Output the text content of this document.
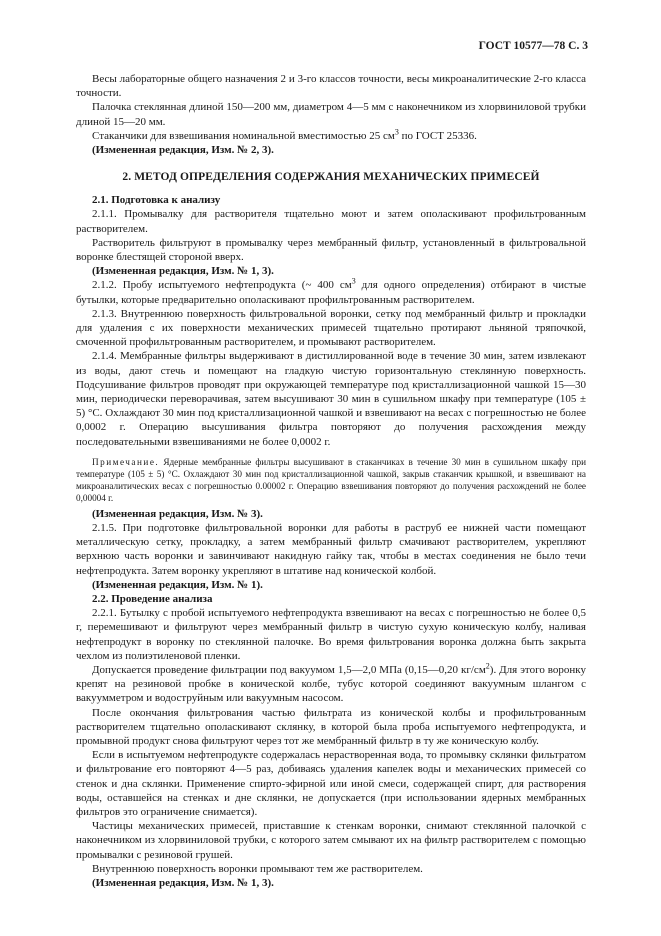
ГОСТ 10577—78 С. 3

Весы лабораторные общего назначения 2 и 3-го классов точности, весы микроаналитические 2-го класса точности.

Палочка стеклянная длиной 150—200 мм, диаметром 4—5 мм с наконечником из хлорвиниловой трубки длиной 15—20 мм.

Стаканчики для взвешивания номинальной вместимостью 25 $см^3$ по ГОСТ 25336.

(Измененная редакция, Изм. № 2, 3).

2. МЕТОД ОПРЕДЕЛЕНИЯ СОДЕРЖАНИЯ МЕХАНИЧЕСКИХ ПРИМЕСЕЙ

2.1. Подготовка к анализу

2.1.1. Промывалку для растворителя тщательно моют и затем ополаскивают профильтрованным растворителем.

Растворитель фильтруют в промывалку через мембранный фильтр, установленный в фильтровальной воронке блестящей стороной вверх.

(Измененная редакция, Изм. № 1, 3).

2.1.2. Пробу испытуемого нефтепродукта (~ 400 $см^3$ для одного определения) отбирают в чистые бутылки, которые предварительно ополаскивают профильтрованным растворителем.

2.1.3. Внутреннюю поверхность фильтровальной воронки, сетку под мембранный фильтр и прокладки для удаления с их поверхности механических примесей тщательно протирают льняной тряпочкой, смоченной профильтрованным растворителем, и промывают растворителем.

2.1.4. Мембранные фильтры выдерживают в дистиллированной воде в течение 30 мин, затем извлекают из воды, дают стечь и помещают на гладкую чистую горизонтальную стеклянную поверхность. Подсушивание фильтров проводят при окружающей температуре под кристаллизационной чашкой 15—30 мин, периодически переворачивая, затем высушивают 30 мин в сушильном шкафу при температуре (105 ± 5) °С. Охлаждают 30 мин под кристаллизационной чашкой и взвешивают на весах с погрешностью не более 0,0002 г. Операцию высушивания фильтра повторяют до получения расхождения между последовательными взвешиваниями не более 0,0002 г.

Примечание. Ядерные мембранные фильтры высушивают в стаканчиках в течение 30 мин в сушильном шкафу при температуре (105 ± 5) °С. Охлаждают 30 мин под кристаллизационной чашкой, закрыв стаканчик крышкой, и взвешивают на микроаналитических весах с погрешностью 0.00002 г. Операцию взвешивания повторяют до получения расхождений не более 0,00004 г.

(Измененная редакция, Изм. № 3).

2.1.5. При подготовке фильтровальной воронки для работы в раструб ее нижней части помещают металлическую сетку, прокладку, а затем мембранный фильтр смачивают растворителем, укрепляют верхнюю часть воронки и завинчивают накидную гайку так, чтобы в местах соединения не было течи нефтепродукта. Затем воронку укрепляют в штативе над конической колбой.

(Измененная редакция, Изм. № 1).

2.2. Проведение анализа

2.2.1. Бутылку с пробой испытуемого нефтепродукта взвешивают на весах с погрешностью не более 0,5 г, перемешивают и фильтруют через мембранный фильтр в чистую сухую коническую колбу, наливая нефтепродукт в воронку по стеклянной палочке. Во время фильтрования воронка должна быть закрыта чехлом из полиэтиленовой пленки.

Допускается проведение фильтрации под вакуумом 1,5—2,0 МПа (0,15—0,20 $кг/см^2$). Для этого воронку крепят на резиновой пробке в конической колбе, тубус которой соединяют вакуумным шлангом с вакуумметром и водоструйным или вакуумным насосом.

После окончания фильтрования частью фильтрата из конической колбы и профильтрованным растворителем тщательно ополаскивают склянку, в которой была проба испытуемого нефтепродукта, и промывной продукт снова фильтруют через тот же мембранный фильтр в ту же коническую колбу.

Если в испытуемом нефтепродукте содержалась нерастворенная вода, то промывку склянки фильтратом и фильтрование его повторяют 4—5 раз, добиваясь удаления капелек воды и механических примесей со стенок и дна склянки. Применение спирто-эфирной или иной смеси, содержащей спирт, для растворения воды, оставшейся на стенках и дне склянки, не допускается (при использовании ядерных мембранных фильтров это ограничение снимается).

Частицы механических примесей, приставшие к стенкам воронки, снимают стеклянной палочкой с наконечником из хлорвиниловой трубки, с которого затем смывают их на фильтр растворителем с помощью промывалки с резиновой грушей.

Внутреннюю поверхность воронки промывают тем же растворителем.

(Измененная редакция, Изм. № 1, 3).
